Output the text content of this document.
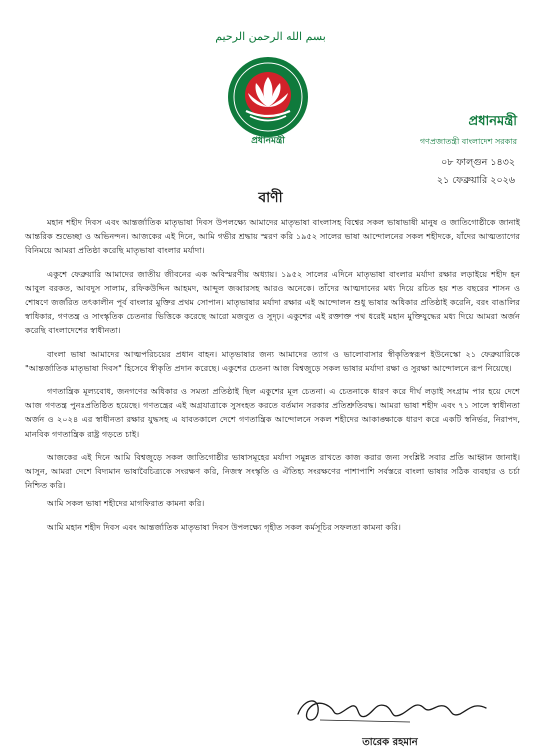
بسم الله الرحمن الرحيم
প্রধানমন্ত্রী
প্রধানমন্ত্রী
গণপ্রজাতন্ত্রী বাংলাদেশ সরকার
০৮ ফাল্গুন ১৪৩২
২১ ফেব্রুয়ারি ২০২৬
বাণী

মহান শহীদ দিবস এবং আন্তর্জাতিক মাতৃভাষা দিবস উপলক্ষ্যে আমাদের মাতৃভাষা বাংলাসহ বিশ্বের সকল ভাষাভাষী মানুষ ও জাতিগোষ্ঠীকে জানাই আন্তরিক শুভেচ্ছা ও অভিনন্দন। আজকের এই দিনে, আমি গভীর শ্রদ্ধায় স্মরণ করি ১৯৫২ সালের ভাষা আন্দোলনের সকল শহীদকে, যাঁদের আত্মত্যাগের বিনিময়ে আমরা প্রতিষ্ঠা করেছি মাতৃভাষা বাংলার মর্যাদা।

একুশে ফেব্রুয়ারি আমাদের জাতীয় জীবনের এক অবিস্মরণীয় অধ্যায়। ১৯৫২ সালের এদিনে মাতৃভাষা বাংলার মর্যাদা রক্ষার লড়াইয়ে শহীদ হন আবুল বরকত, আবদুস সালাম, রফিকউদ্দিন আহমদ, আব্দুল জব্বারসহ আরও অনেকে। তাঁদের আত্মদানের মধ্য দিয়ে রচিত হয় শত বছরের শাসন ও শোষণে জর্জরিত তৎকালীন পূর্ব বাংলার মুক্তির প্রথম সোপান। মাতৃভাষার মর্যাদা রক্ষার এই আন্দোলন শুধু ভাষার অধিকার প্রতিষ্ঠাই করেনি, বরং বাঙালির স্বাধিকার, গণতন্ত্র ও সাংস্কৃতিক চেতনার ভিত্তিকে করেছে আরো মজবুত ও সুদৃঢ়। একুশের এই রক্তাক্ত পথ ধরেই মহান মুক্তিযুদ্ধের মধ্য দিয়ে আমরা অর্জন করেছি বাংলাদেশের স্বাধীনতা।

বাংলা ভাষা আমাদের আত্মপরিচয়ের প্রধান বাহন। মাতৃভাষার জন্য আমাদের ত্যাগ ও ভালোবাসার স্বীকৃতিস্বরূপ ইউনেস্কো ২১ ফেব্রুয়ারিকে "আন্তর্জাতিক মাতৃভাষা দিবস" হিসেবে স্বীকৃতি প্রদান করেছে। একুশের চেতনা আজ বিশ্বজুড়ে সকল ভাষার মর্যাদা রক্ষা ও সুরক্ষা আন্দোলনে রূপ নিয়েছে।

গণতান্ত্রিক মূল্যবোধ, জনগণের অধিকার ও সমতা প্রতিষ্ঠাই ছিল একুশের মূল চেতনা। এ চেতনাকে ধারণ করে দীর্ঘ লড়াই সংগ্রাম পার হয়ে দেশে আজ গণতন্ত্র পুনঃপ্রতিষ্ঠিত হয়েছে। গণতন্ত্রের এই অগ্রযাত্রাকে সুসংহত করতে বর্তমান সরকার প্রতিশ্রুতিবদ্ধ। আমরা ভাষা শহীদ এবং ৭১ সালে স্বাধীনতা অর্জন ও ২০২৪ এর স্বাধীনতা রক্ষার যুদ্ধসহ এ যাবতকালে দেশে গণতান্ত্রিক আন্দোলনে সকল শহীদের আকাঙ্ক্ষাকে ধারণ করে একটি স্বনির্ভর, নিরাপদ, মানবিক গণতান্ত্রিক রাষ্ট্র গড়তে চাই।

আজকের এই দিনে আমি বিশ্বজুড়ে সকল জাতিগোষ্ঠীর ভাষাসমূহের মর্যাদা সমুন্নত রাখতে কাজ করার জন্য সংশ্লিষ্ট সবার প্রতি আহ্বান জানাই। আসুন, আমরা দেশে বিদ্যমান ভাষাবৈচিত্র্যকে সংরক্ষণ করি, নিজস্ব সংস্কৃতি ও ঐতিহ্য সংরক্ষণের পাশাপাশি সর্বস্তরে বাংলা ভাষার সঠিক ব্যবহার ও চর্চা নিশ্চিত করি।

আমি সকল ভাষা শহীদের মাগফিরাত কামনা করি।

আমি মহান শহীদ দিবস এবং আন্তর্জাতিক মাতৃভাষা দিবস উপলক্ষ্যে গৃহীত সকল কর্মসূচির সফলতা কামনা করি।

তারেক রহমান
